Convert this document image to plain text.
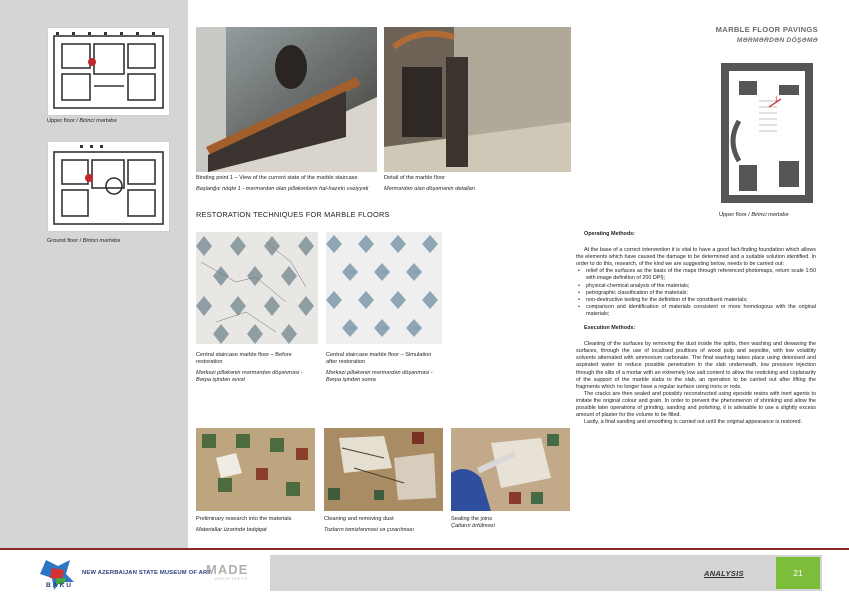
Upper floor / Birinci mərtəbə
Ground floor / Birinci mərtəbə
MARBLE FLOOR PAVINGS
MƏRMƏRDƏN DÖŞƏMƏ
1
Upper floor / Birinci mərtəbə
Binding point 1 – View of the current state of the marble staircase
Başlanğıc nöqtə 1 - mərmərdən olan pilləkənlərin hal-hazırkı vəziyyəti
Detail of the marble floor
Mərmərdən olan döşəmənin detalları
RESTORATION TECHNIQUES FOR MARBLE FLOORS
Central staircase marble floor – Before restoration
Mərkəzi pilləkənin mərmərdən döşənməsi - Bərpa işindən əvvəl
Central staircase marble floor – Simulation after restoration
Mərkəzi pilləkənin mərmərdən döşənməsi - Bərpa işindən sonra
Preliminary research into the materials
Materiallar üzərində tədqiqat
Cleaning and removing dust
Tozların təmizlənməsi və çıxarılması
Sealing the joins
Çatların örtülməsi

Operating Methods:

At the base of a correct intervention it is vital to have a good fact-finding foundation which allows the elements which have caused the damage to be determined and a suitable solution identified. In order to do this, research, of the kind we are suggesting below, needs to be carried out:

• relief of the surfaces as the basis of the maps through referenced photomaps, return scale 1:50 with image definition of 200 DPI);
• physical-chemical analysis of the materials;
• petrographic classification of the materials;
• non-destructive testing for the definition of the constituent materials;
• comparison and identification of materials consistent or more homologous with the original materials;

Execution Methods:

Cleaning of the surfaces by removing the dust inside the splits, then washing and dewaxing the surfaces, through the use of localised poultices of wood pulp and sepiolite, with low volatility solvents alternated with ammonium carbonate. The final washing takes place using deionised and aspirated water to reduce possible penetration in the slab underneath, low pressure injection through the slits of a mortar with an extremely low salt content to allow the resticking and coplanarity of the support of the marble slabs to the slab, an operation to be carried out after lifting the fragments which no longer have a regular surface using irons or rods.

The cracks are then sealed and possibly reconstructed using epoxide resins with inert agents to imitate the original colour and grain. In order to prevent the phenomenon of shrinking and allow the possible later operations of grinding, sanding and polishing, it is advisable to use a slightly excess amount of plaster for the volume to be filled.

Lastly, a final sanding and smoothing is carried out until the original appearance is restored.

BAKU
NEW AZERBAIJAN STATE MUSEUM OF ART
MADE
ARCHITECTS
ANALYSIS	21
